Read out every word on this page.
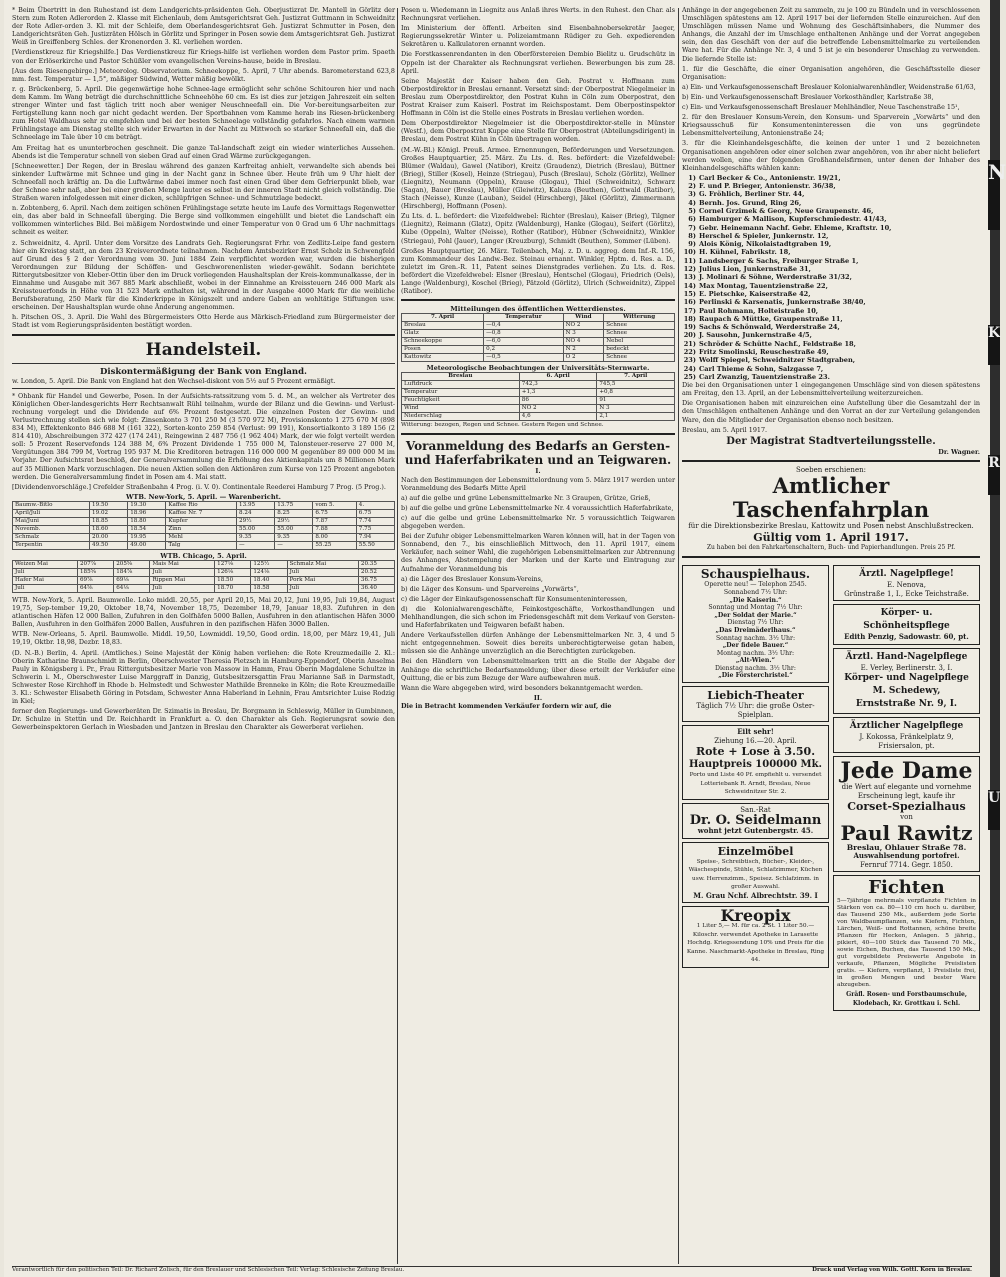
* Beim Übertritt in den Ruhestand ist dem Landgerichts-präsidenten Geh. Oberjustizrat Dr. Mantell in Görlitz der Stern zum Roten Adlerorden 2. Klasse mit Eichenlaub, dem Amtsgerichtsrat Geh. Justizrat Guttmann in Schweidnitz der Rote Adler-orden 3. Kl. mit der Schleife, dem Oberlandesgerichtsrat Geh. Justizrat Schmutter in Posen, den Landgerichtsräten Geh. Justizräten Hölsch in Görlitz und Springer in Posen sowie dem Amtsgerichtsrat Geh. Justizrat Weiß in Greiffenberg Schles. der Kronenorden 3. Kl. verliehen worden.

[Verdienstkreuz für Kriegshilfe.] Das Verdienstkreuz für Kriegs-hilfe ist verliehen worden dem Pastor prim. Spaeth von der Erlöserkirche und Pastor Schüßler vom evangelischen Vereins-hause, beide in Breslau.

[Aus dem Riesengebirge.] Meteorolog. Observatorium. Schneekoppe, 5. April, 7 Uhr abends. Barometerstand 623,8 mm. fest. Temperatur — 1,5°, mäßiger Südwind, Wetter mäßig bewölkt.

r. g. Brückenberg, 5. April. Die gegenwärtige hohe Schnee-lage ermöglicht sehr schöne Schitouren hier und nach dem Kamm. Im Wang beträgt die durchschnittliche Schneehöhe 60 cm. Es ist dies zur jetzigen Jahreszeit ein selten strenger Winter und fast täglich tritt noch aber weniger Neuschneefall ein. Die Vor-bereitungsarbeiten zur Fertigstellung kann noch gar nicht gedacht werden. Der Sportbahnen vom Kamme herab ins Riesen-brückenberg zum Hotel Waldhaus sehr zu empfehlen und bei der besten Schneelage vollständig gefahrlos. Nach einem warmen Frühlingstage am Dienstag stellte sich wider Erwarten in der Nacht zu Mittwoch so starker Schneefall ein, daß die Schneelage im Tale über 10 cm beträgt.

Am Freitag hat es ununterbrochen geschneit. Die ganze Tal-landschaft zeigt ein wieder winterliches Aussehen. Abends ist die Temperatur schnell von sieben Grad auf einen Grad Wärme zurückgegangen.

[Schneewetter.] Der Regen, der in Breslau während des ganzen Karfreitag anhielt, verwandelte sich abends bei sinkender Luftwärme mit Schnee und ging in der Nacht ganz in Schnee über. Heute früh um 9 Uhr hielt der Schneefall noch kräftig an. Da die Luftwärme dabei immer noch fast einen Grad über dem Gefrierpunkt blieb, war der Schnee sehr naß, aber bei einer großen Menge lauter es selbst in der inneren Stadt nicht gleich vollständig. Die Straßen waren infolgedessen mit einer dicken, schlüpfrigen Schnee- und Schmutzlage bedeckt.

n. Zobtenberg, 6. April. Nach dem zeitigen schönen Frühlingstage setzte heute im Laufe des Vormittags Regenwetter ein, das aber bald in Schneefall überging. Die Berge sind vollkommen eingehüllt und bietet die Landschaft ein vollkommen winterliches Bild. Bei mäßigem Nordostwinde und einer Temperatur von 0 Grad um 6 Uhr nachmittags schneit es weiter.

z. Schweidnitz, 4. April. Unter dem Vorsitze des Landrats Geh. Regierungsrat Frhr. von Zedlitz-Leipe fand gestern hier ein Kreistag statt, an dem 23 Kreisverordnete teilnahmen. Nachdem Amtsbezirker Ernst Scholz in Schwengfeld auf Grund des § 2 der Verordnung vom 30. Juni 1884 Zein verpflichtet worden war, wurden die bisherigen Verordnungen zur Bildung der Schöffen- und Geschworenenlisten wieder-gewählt. Sodann berichtete Rittergutsbesitzer von Kleber-Ottin über den im Druck vorliegenden Haushaltsplan der Kreis-kommunalkasse, der in Einnahme und Ausgabe mit 367 885 Mark abschließt, wobei in der Einnahme an Kreissteuern 246 000 Mark als Kreissteuerfonds in Höhe von 31 523 Mark enthalten ist, während in der Ausgabe 4000 Mark für die weibliche Berufsberatung, 250 Mark für die Kinderkrippe in Königszelt und andere Gaben an wohltätige Stiftungen usw. erscheinen. Der Haushaltsplan wurde ohne Änderung angenommen.

h. Pitschen OS., 3. April. Die Wahl des Bürgermeisters Otto Herde aus Märkisch-Friedland zum Bürgermeister der Stadt ist vom Regierungspräsidenten bestätigt worden.

Handelsteil.
Diskontermäßigung der Bank von England.

w. London, 5. April. Die Bank von England hat den Wechsel-diskont von 5½ auf 5 Prozent ermäßigt.

* Ohbank für Handel und Gewerbe, Posen. In der Aufsichts-ratssitzung vom 5. d. M., an welcher als Vertreter des Königlichen Ober-landesgerichts Herr Rechtsanwalt Rühl teilnahm, wurde der Bilanz und die Gewinn- und Verlust-rechnung vorgelegt und die Dividende auf 6% Prozent festgesetzt. Die einzelnen Posten der Gewinn- und Verlustrechnung stellen sich wie folgt: Zinsenkonto 3 701 250 M (3 570 972 M), Provisionskonto 1 275 670 M (898 834 M), Effektenkonto 846 688 M (161 322), Sorten-konto 259 854 (Verlust: 99 191), Konsortialkonto 3 189 156 (2 814 410), Abschreibungen 372 427 (174 241), Reingewinn 2 487 756 (1 962 404) Mark, der wie folgt verteilt werden soll: 5 Prozent Reservefonds 124 388 M, 6% Prozent Dividende 1 755 000 M, Talonsteuer-reserve 27 000 M, Vergütungen 384 799 M, Vortrag 195 937 M. Die Kreditoren betragen 116 000 000 M gegenüber 89 000 000 M im Vorjahr. Der Aufsichtsrat beschloß, der Generalversammlung die Erhöhung des Aktienkapitals um 8 Millionen Mark auf 35 Millionen Mark vorzuschlagen. Die neuen Aktien sollen den Aktionären zum Kurse von 125 Prozent angeboten werden. Die Generalversammlung findet in Posen am 4. Mai statt.

[Dividendenvorschläge.] Crefelder Straßenbahn 4 Prog. (i. V. 0). Continentale Reederei Hamburg 7 Prog. (5 Prog.).

WTB. New-York, 5. April. — Warenbericht.
Baumw.-Bitlo	19.50	19.30	Kaffee Rio	13.95	13.75	vom 5.	4.
April/Juli	19.02	18.96	Kaffee Nr. 7	8.24	8.25	6.75	6.75
Mai/Juni	18.85	18.80	Kupfer	29½	29½	7.87	7.74
Novemb.	18.60	18.54	Zinn	55.00	55.00	7.88	7.75
Schmalz	20.00	19.95	Mehl	9.35	9.35	8.00	7.94
Terpentin	49.50	49.00	Talg	—	—	55.25	55.50
WTB. Chicago, 5. April.
Weizen Mai	207⅞	205⅝	Mais Mai	127⅛	125½	Schmalz Mai	20.35
Juli	185⅝	184⅞	Juli	126⅛	124⅛	Juli	20.52
Hafer Mai	69⅞	69⅛	Rippen Mai	18.50	18.40	Pork Mai	36.75
Juli	64⅝	64⅛	Juli	18.70	18.58	Juli	36.40

WTB. New-York, 5. April. Baumwolle. Loko middl. 20,55, per April 20,15, Mai 20,12, Juni 19,95, Juli 19,84, August 19,75, Sep-tember 19,20, Oktober 18,74, November 18,75, Dezember 18,79, Januar 18,83. Zufuhren in den atlantischen Häfen 12 000 Ballen, Zufuhren in den Golfhäfen 5000 Ballen, Ausfuhren in den atlantischen Häfen 3000 Ballen, Ausfuhren in den Golfhäfen 2000 Ballen, Ausfuhren in den pazifischen Häfen 3000 Ballen.

WTB. New-Orleans, 5. April. Baumwolle. Middl. 19,50, Lowmiddl. 19,50, Good ordin. 18,00, per März 19,41, Juli 19,19, Oktbr. 18,98, Dezbr. 18,83.

(D. N.-B.) Berlin, 4. April. (Amtliches.) Seine Majestät der König haben verliehen: die Rote Kreuzmedaille 2. Kl.: Oberin Katharine Braunschmidt in Berlin, Oberschwester Theresia Pietzsch in Hamburg-Eppendorf, Oberin Anselma Pauly in Königsberg i. Pr., Frau Rittergutsbesitzer Marie von Massow in Hamm, Frau Oberin Magdalene Schultze in Schwerin i. M., Oberschwester Luise Marggraff in Danzig, Gutsbesitzersgattin Frau Marianne Saß in Darmstadt, Schwester Rose Kirchhoff in Rhode b. Helmstedt und Schwester Mathilde Brenneke in Köln; die Rote Kreuzmedaille 3. Kl.: Schwester Elisabeth Göring in Potsdam, Schwester Anna Haberland in Lehnin, Frau Amtsrichter Luise Rodzig in Kiel;

ferner den Regierungs- und Gewerberäten Dr. Szimatis in Breslau, Dr. Borgmann in Schleswig, Müller in Gumbinnen, Dr. Schulze in Stettin und Dr. Reichhardt in Frankfurt a. O. den Charakter als Geh. Regierungsrat sowie den Gewerbeinspektoren Gerlach in Wiesbaden und Jantzen in Breslau den Charakter als Gewerberat verliehen.

Posen u. Wiedemann in Liegnitz aus Anlaß ihres Werts. in den Ruhest. den Char. als Rechnungsrat verliehen.

Im Ministerium der öffentl. Arbeiten sind Eisenbahnobersekretär Jaeger, Regierungssekretär Winter u. Polizeiamtmann Rüdiger zu Geh. expedierenden Sekretären u. Kalkulatoren ernannt worden.

Die Forstkassenrendanten in den Oberförstereien Dembio Bielitz u. Grudschütz in Oppeln ist der Charakter als Rechnungsrat verliehen. Bewerbungen bis zum 28. April.

Seine Majestät der Kaiser haben den Geh. Postrat v. Hoffmann zum Oberpostdirektor in Breslau ernannt. Versetzt sind: der Oberpostrat Niegelmeier in Breslau zum Oberpostdirektor, den Postrat Kuhn in Cöln zum Oberpostrat, den Postrat Kraiser zum Kaiserl. Postrat im Reichspostamt. Dem Oberpostinspektor Hoffmann in Cöln ist die Stelle eines Postrats in Breslau verliehen worden.

Dem Oberpostdirektor Niegelmeier ist die Oberpostdirektor-stelle in Münster (Westf.), dem Oberpostrat Kuppe eine Stelle für Oberpostrat (Abteilungsdirigent) in Breslau, dem Postrat Kühn in Cöln übertragen worden.

(M.-W.-Bl.) Königl. Preuß. Armee. Ernennungen, Beförderungen und Versetzungen. Großes Hauptquartier, 25. März. Zu Lts. d. Res. befördert: die Vizefeldwebel: Blümer (Waldau), Gawel (Natibor), Kreitz (Graudenz), Dietrich (Breslau), Büttner (Brieg), Stiller (Kosel), Heinze (Striegau), Pusch (Breslau), Scholz (Görlitz), Wellner (Liegnitz), Neumann (Oppeln), Krause (Glogau), Thiel (Schweidnitz), Schwarz (Sagan), Bauer (Breslau), Müller (Gleiwitz), Kaluza (Beuthen), Gottwald (Ratibor), Stach (Neisse), Kunze (Lauban), Seidel (Hirschberg), Jäkel (Görlitz), Zimmermann (Hirschberg), Hoffmann (Posen).

Zu Lts. d. L. befördert: die Vizefeldwebel: Richter (Breslau), Kaiser (Brieg), Tilgner (Liegnitz), Reimann (Glatz), Opitz (Waldenburg), Hanke (Glogau), Seifert (Görlitz), Kube (Oppeln), Walter (Neisse), Rother (Ratibor), Hübner (Schweidnitz), Winkler (Striegau), Pohl (Jauer), Langer (Kreuzburg), Schmidt (Beuthen), Sommer (Lüben).

Großes Hauptquartier, 26. März. Teilenbach, Maj. z. D. u. aggreg. dem Inf.-R. 156, zum Kommandeur des Landw.-Bez. Steinau ernannt. Winkler, Hptm. d. Res. a. D., zuletzt im Gren.-R. 11, Patent seines Dienstgrades verliehen. Zu Lts. d. Res. befördert die Vizefeldwebel: Elsner (Breslau), Hentschel (Glogau), Friedrich (Oels), Lange (Waldenburg), Koschel (Brieg), Pätzold (Görlitz), Ulrich (Schweidnitz), Zippel (Ratibor).

Mitteilungen des öffentlichen Wetterdienstes.
7. April	Temperatur	Wind	Witterung
Breslau	—0,4	NO 2	Schnee
Glatz	—0,8	N 3	Schnee
Schneekoppe	—6,0	NO 4	Nebel
Posen	0,2	N 2	bedeckt
Kattowitz	—0,5	O 2	Schnee
Meteorologische Beobachtungen der Universitäts-Sternwarte.
Breslau	6. April	7. April
Luftdruck	742,3	745,5
Temperatur	+1,3	+0,8
Feuchtigkeit	86	91
Wind	NO 2	N 3
Niederschlag	4,6	2,1

Witterung: bezogen, Regen und Schnee. Gestern Regen und Schnee.

Voranmeldung des Bedarfs an Gersten- und Haferfabrikaten und an Teigwaren.
I.

Nach den Bestimmungen der Lebensmittelordnung vom 5. März 1917 werden unter Voranmeldung des Bedarfs Mitte April

a) auf die gelbe und grüne Lebensmittelmarke Nr. 3 Graupen, Grütze, Grieß,

b) auf die gelbe und grüne Lebensmittelmarke Nr. 4 voraussichtlich Haferfabrikate,

c) auf die gelbe und grüne Lebensmittelmarke Nr. 5 voraussichtlich Teigwaren abgegeben werden.

Bei der Zufuhr obiger Lebensmittelmarken Waren können will, hat in der Tagen von Sonnabend, den 7., bis einschließlich Mittwoch, den 11. April 1917, einem Verkäufer, nach seiner Wahl, die zugehörigen Lebensmittelmarken zur Abtrennung des Anhanges, Abstempelung der Marken und der Karte und Eintragung zur Aufnahme der Voranmeldung bis

a) die Läger des Breslauer Konsum-Vereins,

b) die Läger des Konsum- und Sparvereins „Vorwärts“,

c) die Läger der Einkaufsgenossenschaft für Konsumenteninteressen,

d) die Kolonialwarengeschäfte, Feinkostgeschäfte, Vorkosthandlungen und Mehlhandlungen, die sich schon im Friedensgeschäft mit dem Verkauf von Gersten- und Haferfabrikaten und Teigwaren befaßt haben.

Andere Verkaufsstellen dürfen Anhänge der Lebensmittelmarken Nr. 3, 4 und 5 nicht entgegennehmen. Soweit dies bereits unberechtigterweise getan haben, müssen sie die Anhänge unverzüglich an die Berechtigten zurückgeben.

Bei den Händlern von Lebensmittelmarken tritt an die Stelle der Abgabe der Anhänge die schriftliche Bedarfsanmeldung; über diese erteilt der Verkäufer eine Quittung, die er bis zum Bezuge der Ware aufbewahren muß.

Wann die Ware abgegeben wird, wird besonders bekanntgemacht werden.

II.

Die in Betracht kommenden Verkäufer fordern wir auf, die

Anhänge in der angegebenen Zeit zu sammeln, zu je 100 zu Bündeln und in verschlossenen Umschlägen spätestens am 12. April 1917 bei der liefernden Stelle einzureichen. Auf den Umschlägen müssen Name und Wohnung des Geschäftsinhabers, die Nummer des Anhangs, die Anzahl der im Umschlage enthaltenen Anhänge und der Vorrat angegeben sein, den das Geschäft von der auf die betreffende Lebensmittelmarke zu verteilenden Ware hat. Für die Anhänge Nr. 3, 4 und 5 ist je ein besonderer Umschlag zu verwenden. Die liefernde Stelle ist:

1. für die Geschäfte, die einer Organisation angehören, die Geschäftsstelle dieser Organisation:

a) Ein- und Verkaufsgenossenschaft Breslauer Kolonialwarenhändler, Weidenstraße 61/63,

b) Ein- und Verkaufsgenossenschaft Breslauer Vorkosthändler, Karlstraße 38,

c) Ein- und Verkaufsgenossenschaft Breslauer Mehlhändler, Neue Taschenstraße 15¹,

2. für den Breslauer Konsum-Verein, den Konsum- und Sparverein „Vorwärts“ und den Kriegsausschuß für Konsumenteninteressen die von uns gegründete Lebensmittelverteilung, Antonienstraße 24;

3. für die Kleinhandelsgeschäfte, die keinen der unter 1 und 2 bezeichneten Organisationen angehören oder einer solchen zwar angehören, von ihr aber nicht beliefert werden wollen, eine der folgenden Großhandelsfirmen, unter denen der Inhaber des Kleinhandelsgeschäfts wählen kann:

1) Carl Becker & Co., Antonienstr. 19/21,
2) F. und P. Brieger, Antonienstr. 36/38,
3) G. Fröhlich, Berliner Str. 44,
4) Bernh. Jos. Grund, Ring 26,
5) Cornel Grzimek & Georg, Neue Graupenstr. 46,
6) Hamburger & Mallison, Kupferschmiedestr. 41/43,
7) Gebr. Heinemann Nachf. Gebr. Ehleme, Kraftstr. 10,
8) Herschel & Spieler, Junkernstr. 12,
9) Alois König, Nikolaistadtgraben 19,
10) H. Kühnel, Fabrikstr. 18,
11) Landsberger & Sachs, Freiburger Straße 1,
12) Julius Lion, Junkernstraße 31,
13) J. Molinari & Söhne, Werderstraße 31/32,
14) Max Montag, Tauentzienstraße 22,
15) E. Pietschke, Kaiserstraße 42,
16) Perlinski & Karsenatis, Junkernstraße 38/40,
17) Paul Rohmann, Holteistraße 10,
18) Raupach & Müttke, Graupenstraße 11,
19) Sachs & Schönwald, Werderstraße 24,
20) J. Sausohn, Junkernstraße 4/5,
21) Schröder & Schütte Nachf., Feldstraße 18,
22) Fritz Smolinski, Reuschestraße 49,
23) Wolff Spiegel, Schweidnitzer Stadtgraben,
24) Carl Thieme & Sohn, Salzgasse 7,
25) Carl Zwanzig, Tauentzienstraße 23.

Die bei den Organisationen unter 1 eingegangenen Umschläge sind von diesen spätestens am Freitag, den 13. April, an der Lebensmittelverteilung weiterzureichen.

Die Organisationen haben mit einzureichen eine Aufstellung über die Gesamtzahl der in den Umschlägen enthaltenen Anhänge und den Vorrat an der zur Verteilung gelangenden Ware, den die Mitglieder der Organisation ebenso noch besitzen.

Breslau, am 5. April 1917.

Der Magistrat Stadtverteilungsstelle.
Dr. Wagner.
Soeben erschienen:
Amtlicher Taschenfahrplan
für die Direktionsbezirke Breslau, Kattowitz und Posen nebst Anschlußstrecken.
Gültig vom 1. April 1917.
Zu haben bei den Fahrkartenschaltern, Buch- und Papierhandlungen. Preis 25 Pf.
Schauspielhaus.
Operette neu! — Telephon 2545.
Sonnabend 7½ Uhr:
„Die Kaiserin.“
Sonntag und Montag 7½ Uhr:
„Der Soldat der Marie.“
Dienstag 7½ Uhr:
„Das Dreimäderlhaus.“
Sonntag nachm. 3½ Uhr:
„Der fidele Bauer.“
Montag nachm. 3½ Uhr:
„Alt-Wien.“
Dienstag nachm. 3½ Uhr:
„Die Försterchristel.“
Liebich-Theater
Täglich 7½ Uhr: die große Oster-Spielplan.
Eilt sehr!
Ziehung 16.—20. April.
Rote + Lose à 3.50.
Hauptpreis 100000 Mk.
Porto und Liste 40 Pf. empfiehlt u. versendet Lotteriebank R. Arndt, Breslau, Neue Schweidnitzer Str. 2.
San.-Rat
Dr. O. Seidelmann
wohnt jetzt Gutenbergstr. 45.
Einzelmöbel
Speise-, Schreibtisch, Bücher-, Kleider-, Wäschespinde, Stühle, Schlafzimmer, Küchen usw. Herrenzimm., Speisez. Schlafzimm. in großer Auswahl.
M. Grau Nchf. Albrechtstr. 39. I
Kreopix
1 Liter 5,— M. für ca. 2 St. 1 Liter 50.— Kiloschr. verwendet Apotheke in Larasette Hochdg. Kriegssendung 10% und Preis für die Kanne. Naschmarkt-Apotheke in Breslau, Ring 44.
Ärztl. Nagelpflege!
E. Nenova,
Grünstraße 1, I., Ecke Teichstraße.
Körper- u. Schönheitspflege
Edith Penzig, Sadowastr. 60, pt.
Ärztl. Hand-Nagelpflege
E. Verley, Berlinerstr. 3, I.
Körper- und Nagelpflege
M. Schedewy,
Ernststraße Nr. 9, I.
Ärztlicher Nagelpflege
J. Kokossa, Fränkelplatz 9, Frisiersalon, pt.
Jede Dame
die Wert auf elegante und vornehme Erscheinung legt, kaufe ihr
Corset-Spezialhaus
von
Paul Rawitz
Breslau, Ohlauer Straße 78.
Auswahlsendung portofrei.
Fernruf 7714. Gegr. 1850.
Fichten

5—7jährige mehrmals verpflanzte Fichten in Stärken von ca. 80—110 cm hoch u. darüber, das Tausend 250 Mk., außerdem jede Sorte von Waldbaumpflanzen, wie Kiefern, Fichten, Lärchen, Weiß- und Rottannen, schöne breite Pflanzen für Hecken, Anlagen. 5 jährig., pikiert, 40—100 Stück das Tausend 70 Mk., sowie Eichen, Buchen, das Tausend 150 Mk., gut vorgebildete Preiswerte Angebote in verkaufe, Pflanzen, Mögliche Preislisten gratis. — Kiefern, verpflanzt, 1 Preisliste frei, in großen Mengen und bester Ware abzugeben.

Gräfl. Rosen- und Forstbaumschule, Klodebach, Kr. Grottkau i. Schl.
Verantwortlich für den politischen Teil: Dr. Richard Zolisch, für den Breslauer und Schlesischen Teil: Verlag: Schlesische Zeitung Breslau.	Druck und Verlag von Wilh. Gottl. Korn in Breslau.
N
K
R
U
